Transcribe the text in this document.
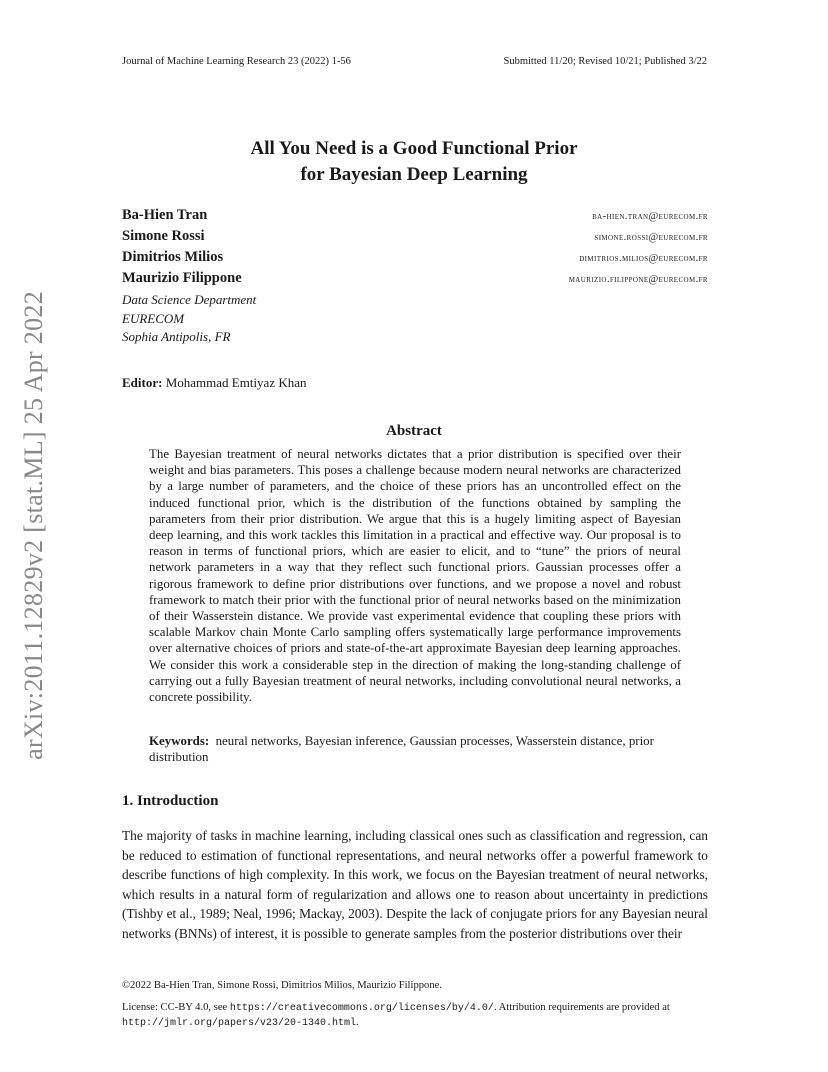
arXiv:2011.12829v2 [stat.ML] 25 Apr 2022
Journal of Machine Learning Research 23 (2022) 1-56	Submitted 11/20; Revised 10/21; Published 3/22
All You Need is a Good Functional Prior
for Bayesian Deep Learning
Ba-Hien Tran	ba-hien.tran@eurecom.fr
Simone Rossi	simone.rossi@eurecom.fr
Dimitrios Milios	dimitrios.milios@eurecom.fr
Maurizio Filippone	maurizio.filippone@eurecom.fr
Data Science Department
EURECOM
Sophia Antipolis, FR
Editor: Mohammad Emtiyaz Khan
Abstract
The Bayesian treatment of neural networks dictates that a prior distribution is specified over their weight and bias parameters. This poses a challenge because modern neural networks are characterized by a large number of parameters, and the choice of these priors has an uncontrolled effect on the induced functional prior, which is the distribution of the functions obtained by sampling the parameters from their prior distribution. We argue that this is a hugely limiting aspect of Bayesian deep learning, and this work tackles this limitation in a practical and effective way. Our proposal is to reason in terms of functional priors, which are easier to elicit, and to “tune” the priors of neural network parameters in a way that they reflect such functional priors. Gaussian processes offer a rigorous framework to define prior distributions over functions, and we propose a novel and robust framework to match their prior with the functional prior of neural networks based on the minimization of their Wasserstein distance. We provide vast experimental evidence that coupling these priors with scalable Markov chain Monte Carlo sampling offers systematically large performance improvements over alternative choices of priors and state-of-the-art approximate Bayesian deep learning approaches. We consider this work a considerable step in the direction of making the long-standing challenge of carrying out a fully Bayesian treatment of neural networks, including convolutional neural networks, a concrete possibility.
Keywords: neural networks, Bayesian inference, Gaussian processes, Wasserstein distance, prior distribution
1. Introduction
The majority of tasks in machine learning, including classical ones such as classification and regression, can be reduced to estimation of functional representations, and neural networks offer a powerful framework to describe functions of high complexity. In this work, we focus on the Bayesian treatment of neural networks, which results in a natural form of regularization and allows one to reason about uncertainty in predictions (Tishby et al., 1989; Neal, 1996; Mackay, 2003). Despite the lack of conjugate priors for any Bayesian neural networks (BNNs) of interest, it is possible to generate samples from the posterior distributions over their
©2022 Ba-Hien Tran, Simone Rossi, Dimitrios Milios, Maurizio Filippone.
License: CC-BY 4.0, see https://creativecommons.org/licenses/by/4.0/. Attribution requirements are provided at http://jmlr.org/papers/v23/20-1340.html.
